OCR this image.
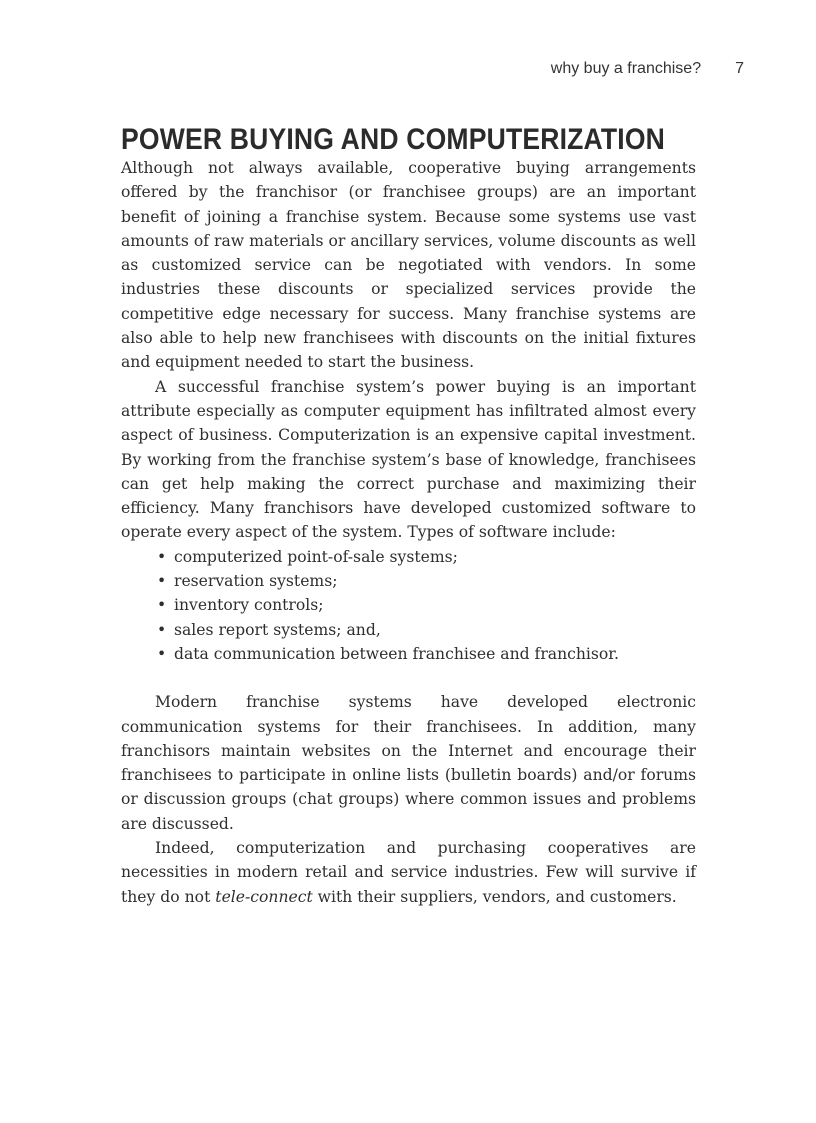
why buy a franchise? 7
POWER BUYING AND COMPUTERIZATION

Although not always available, cooperative buying arrangements offered by the franchisor (or franchisee groups) are an important benefit of joining a franchise system. Because some systems use vast amounts of raw materials or ancillary services, volume discounts as well as customized service can be negotiated with vendors. In some industries these discounts or specialized services provide the competitive edge necessary for success. Many franchise systems are also able to help new franchisees with discounts on the initial fixtures and equipment needed to start the business.

A successful franchise system’s power buying is an important attribute especially as computer equipment has infiltrated almost every aspect of business. Computerization is an expensive capital investment. By working from the franchise system’s base of knowledge, franchisees can get help making the correct purchase and maximizing their efficiency. Many franchisors have developed customized software to operate every aspect of the system. Types of software include:

• computerized point-of-sale systems;
• reservation systems;
• inventory controls;
• sales report systems; and,
• data communication between franchisee and franchisor.

Modern franchise systems have developed electronic communication systems for their franchisees. In addition, many franchisors maintain websites on the Internet and encourage their franchisees to participate in online lists (bulletin boards) and/or forums or discussion groups (chat groups) where common issues and problems are discussed.

Indeed, computerization and purchasing cooperatives are necessities in modern retail and service industries. Few will survive if they do not tele-connect with their suppliers, vendors, and customers.
